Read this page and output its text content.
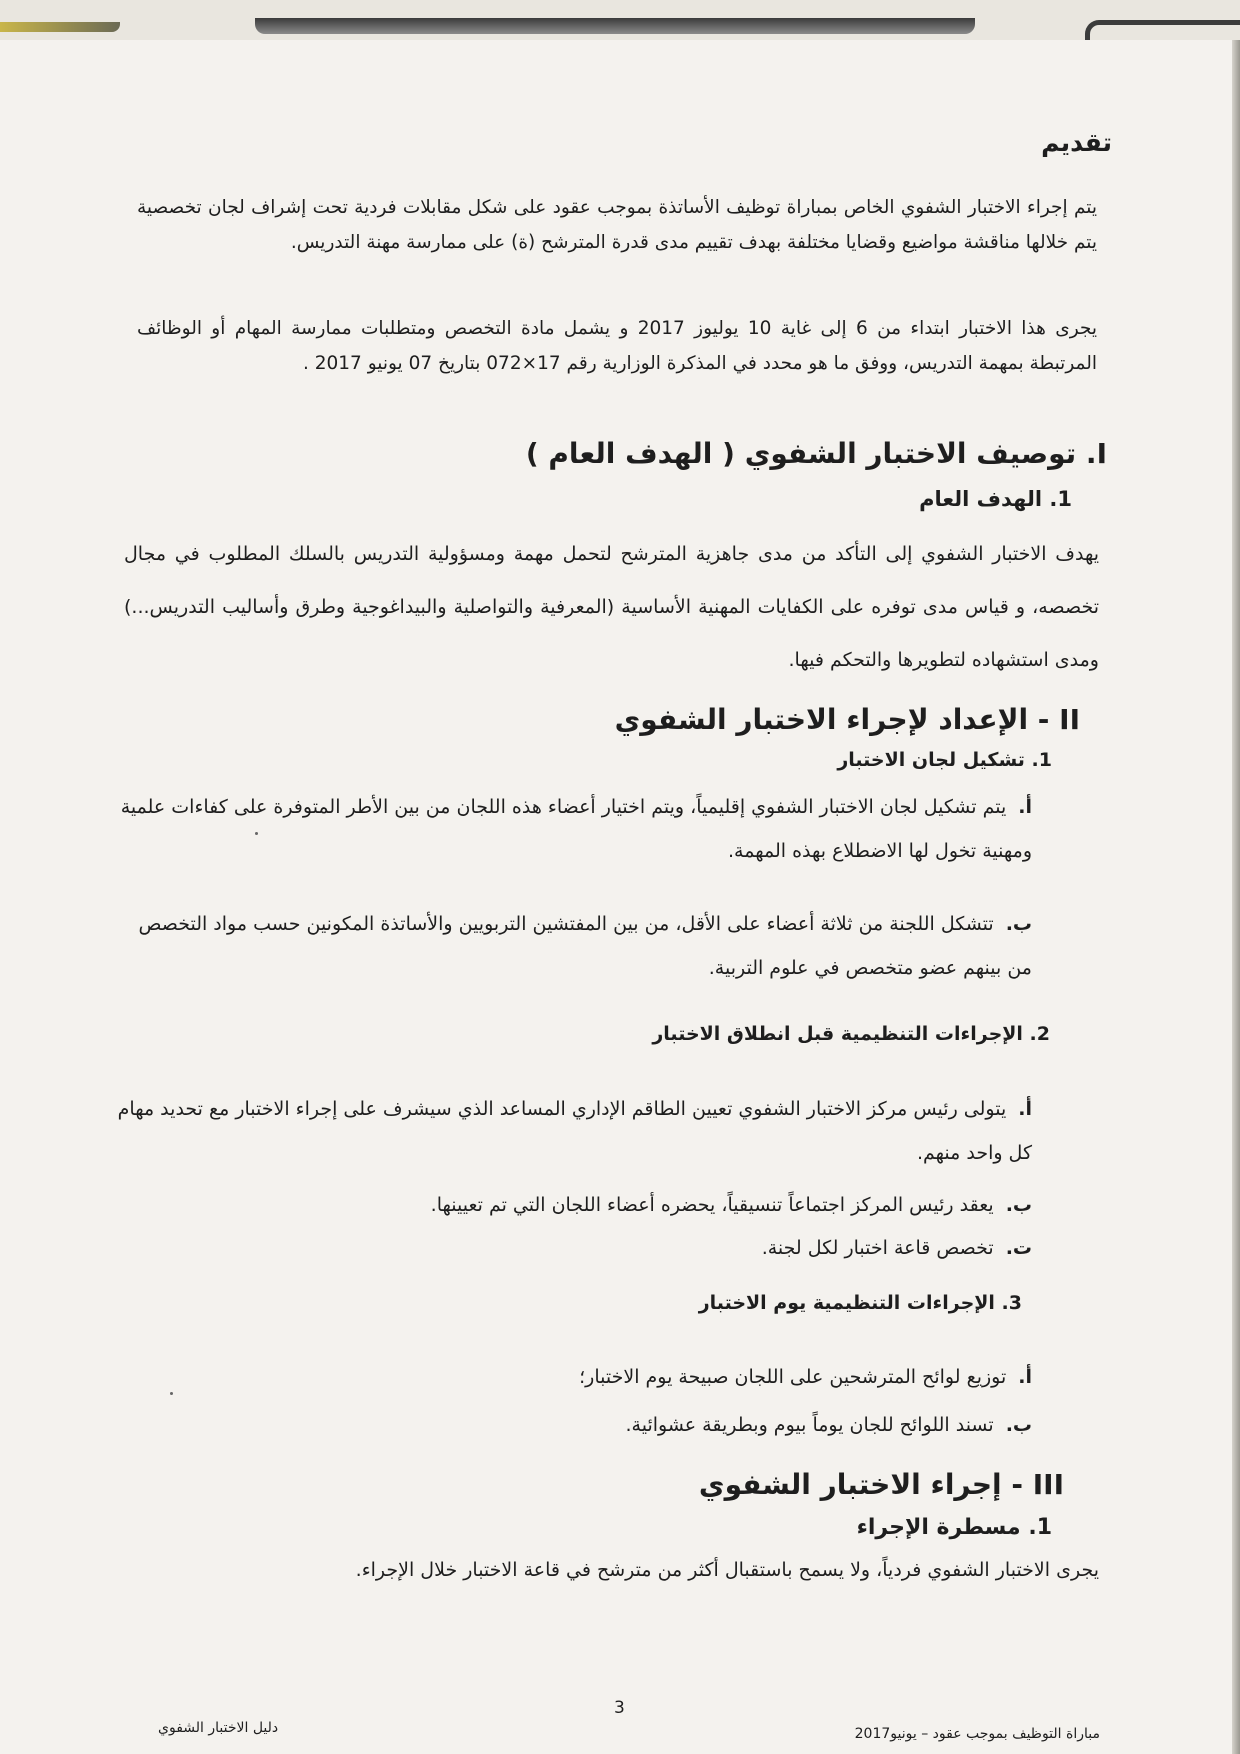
تقديم
يتم إجراء الاختبار الشفوي الخاص بمباراة توظيف الأساتذة بموجب عقود على شكل مقابلات فردية تحت إشراف لجان تخصصية يتم خلالها مناقشة مواضيع وقضايا مختلفة بهدف تقييم مدى قدرة المترشح (ة) على ممارسة مهنة التدريس.
يجرى هذا الاختبار ابتداء من 6 إلى غاية 10 يوليوز 2017 و يشمل مادة التخصص ومتطلبات ممارسة المهام أو الوظائف المرتبطة بمهمة التدريس، ووفق ما هو محدد في المذكرة الوزارية رقم 17×072 بتاريخ 07 يونيو 2017 .
I. توصيف الاختبار الشفوي ( الهدف العام )
1. الهدف العام
يهدف الاختبار الشفوي إلى التأكد من مدى جاهزية المترشح لتحمل مهمة ومسؤولية التدريس بالسلك المطلوب في مجال تخصصه، و قياس مدى توفره على الكفايات المهنية الأساسية (المعرفية والتواصلية والبيداغوجية وطرق وأساليب التدريس...) ومدى استشهاده لتطويرها والتحكم فيها.
II - الإعداد لإجراء الاختبار الشفوي
1. تشكيل لجان الاختبار
أ.يتم تشكيل لجان الاختبار الشفوي إقليمياً، ويتم اختيار أعضاء هذه اللجان من بين الأطر المتوفرة على كفاءات علمية ومهنية تخول لها الاضطلاع بهذه المهمة.
ب.تتشكل اللجنة من ثلاثة أعضاء على الأقل، من بين المفتشين التربويين والأساتذة المكونين حسب مواد التخصص من بينهم عضو متخصص في علوم التربية.
2. الإجراءات التنظيمية قبل انطلاق الاختبار
أ.يتولى رئيس مركز الاختبار الشفوي تعيين الطاقم الإداري المساعد الذي سيشرف على إجراء الاختبار مع تحديد مهام كل واحد منهم.
ب.يعقد رئيس المركز اجتماعاً تنسيقياً، يحضره أعضاء اللجان التي تم تعيينها.
ت.تخصص قاعة اختبار لكل لجنة.
3. الإجراءات التنظيمية يوم الاختبار
أ.توزيع لوائح المترشحين على اللجان صبيحة يوم الاختبار؛
ب.تسند اللوائح للجان يوماً بيوم وبطريقة عشوائية.
III - إجراء الاختبار الشفوي
1. مسطرة الإجراء
يجرى الاختبار الشفوي فردياً، ولا يسمح باستقبال أكثر من مترشح في قاعة الاختبار خلال الإجراء.
3
دليل الاختبار الشفوي	مباراة التوظيف بموجب عقود – يونيو2017
